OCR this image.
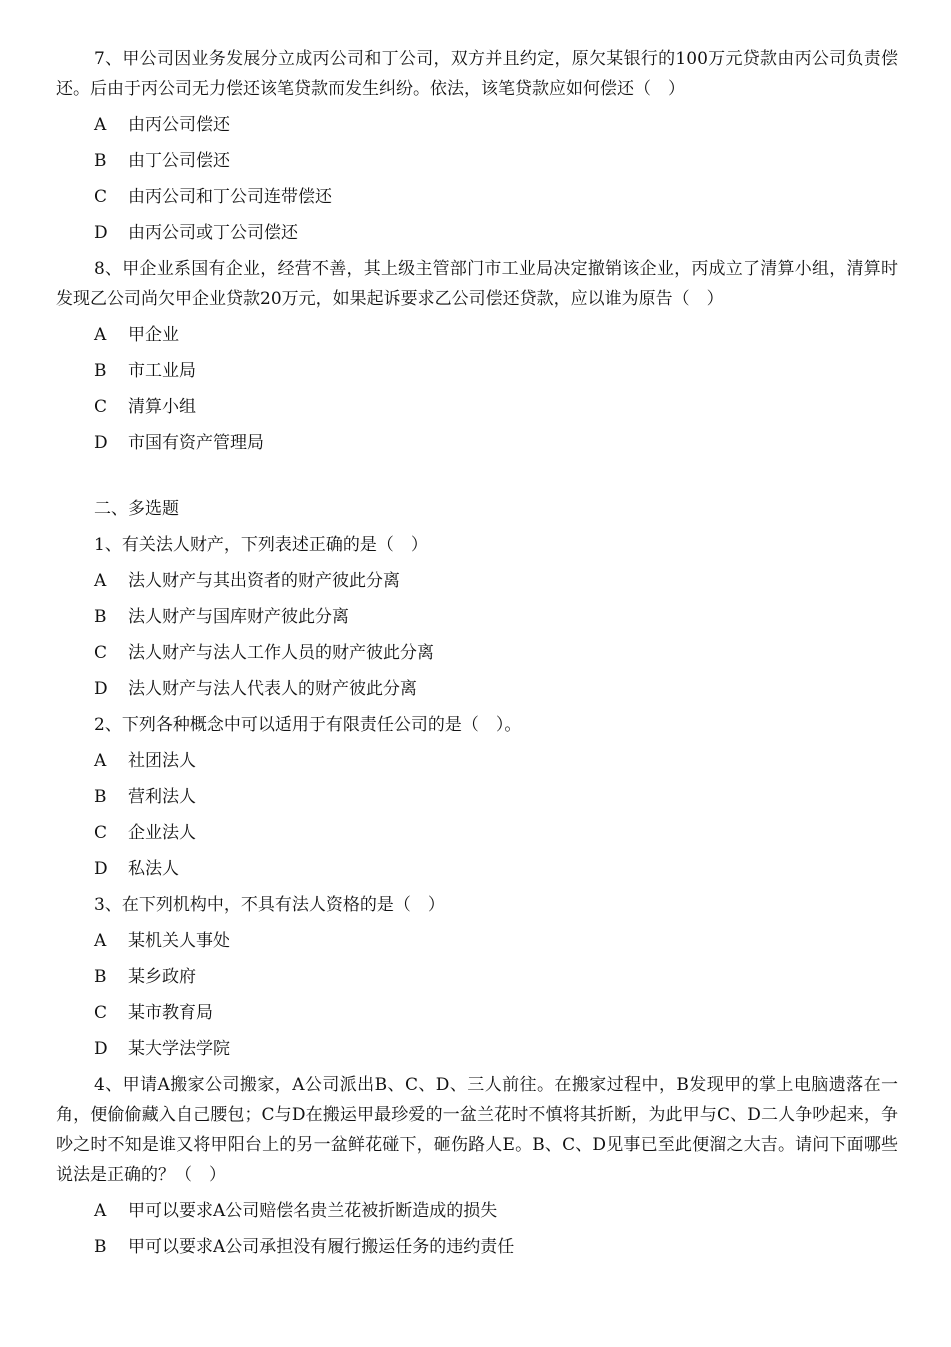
7、甲公司因业务发展分立成丙公司和丁公司，双方并且约定，原欠某银行的100万元贷款由丙公司负责偿还。后由于丙公司无力偿还该笔贷款而发生纠纷。依法，该笔贷款应如何偿还（　）

A 由丙公司偿还
B 由丁公司偿还
C 由丙公司和丁公司连带偿还
D 由丙公司或丁公司偿还

8、甲企业系国有企业，经营不善，其上级主管部门市工业局决定撤销该企业，丙成立了清算小组，清算时发现乙公司尚欠甲企业贷款20万元，如果起诉要求乙公司偿还贷款，应以谁为原告（　）

A 甲企业
B 市工业局
C 清算小组
D 市国有资产管理局
二、多选题

1、有关法人财产，下列表述正确的是（　）

A 法人财产与其出资者的财产彼此分离
B 法人财产与国库财产彼此分离
C 法人财产与法人工作人员的财产彼此分离
D 法人财产与法人代表人的财产彼此分离

2、下列各种概念中可以适用于有限责任公司的是（　）。

A 社团法人
B 营利法人
C 企业法人
D 私法人

3、在下列机构中，不具有法人资格的是（　）

A 某机关人事处
B 某乡政府
C 某市教育局
D 某大学法学院

4、甲请A搬家公司搬家，A公司派出B、C、D、三人前往。在搬家过程中，B发现甲的掌上电脑遗落在一角，便偷偷藏入自己腰包；C与D在搬运甲最珍爱的一盆兰花时不慎将其折断，为此甲与C、D二人争吵起来，争吵之时不知是谁又将甲阳台上的另一盆鲜花碰下，砸伤路人E。B、C、D见事已至此便溜之大吉。请问下面哪些说法是正确的？（　）

A 甲可以要求A公司赔偿名贵兰花被折断造成的损失
B 甲可以要求A公司承担没有履行搬运任务的违约责任
